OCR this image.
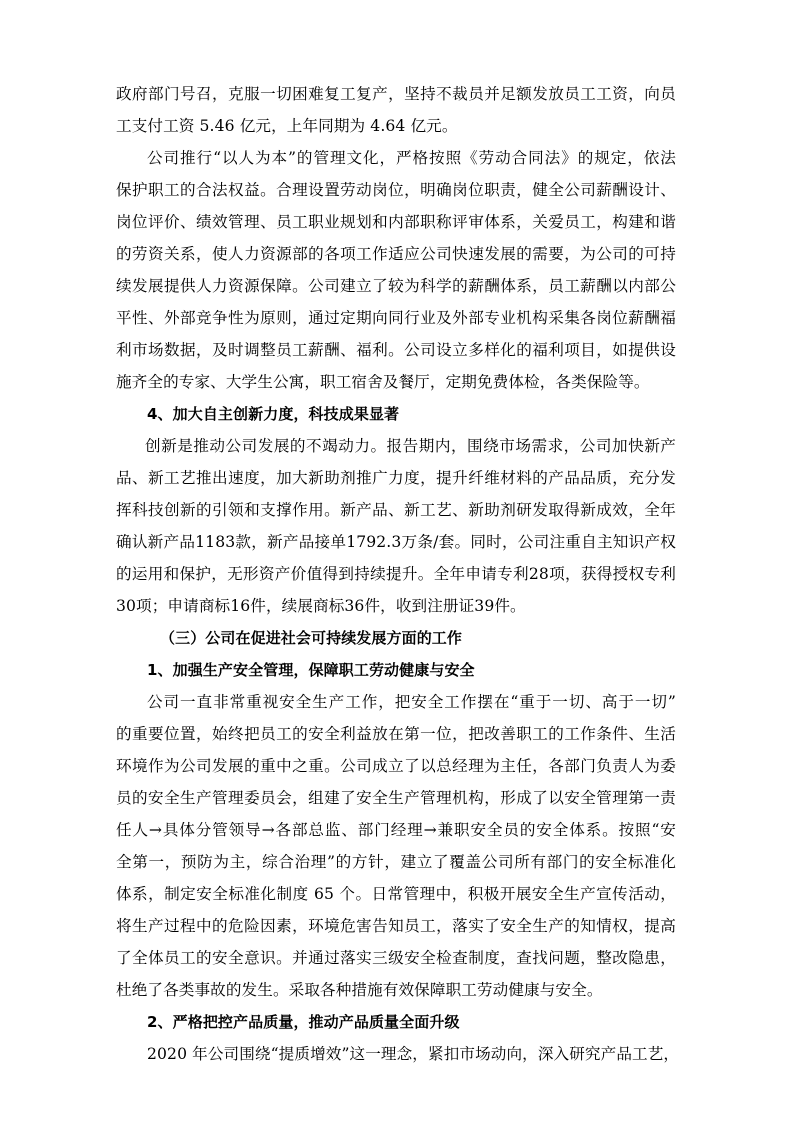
政府部门号召，克服一切困难复工复产，坚持不裁员并足额发放员工工资，向员
工支付工资 5.46 亿元，上年同期为 4.64 亿元。
公司推行“以人为本”的管理文化，严格按照《劳动合同法》的规定，依法
保护职工的合法权益。合理设置劳动岗位，明确岗位职责，健全公司薪酬设计、
岗位评价、绩效管理、员工职业规划和内部职称评审体系，关爱员工，构建和谐
的劳资关系，使人力资源部的各项工作适应公司快速发展的需要，为公司的可持
续发展提供人力资源保障。公司建立了较为科学的薪酬体系，员工薪酬以内部公
平性、外部竞争性为原则，通过定期向同行业及外部专业机构采集各岗位薪酬福
利市场数据，及时调整员工薪酬、福利。公司设立多样化的福利项目，如提供设
施齐全的专家、大学生公寓，职工宿舍及餐厅，定期免费体检，各类保险等。
4、加大自主创新力度，科技成果显著
创新是推动公司发展的不竭动力。报告期内，围绕市场需求，公司加快新产
品、新工艺推出速度，加大新助剂推广力度，提升纤维材料的产品品质，充分发
挥科技创新的引领和支撑作用。新产品、新工艺、新助剂研发取得新成效，全年
确认新产品1183款，新产品接单1792.3万条/套。同时，公司注重自主知识产权
的运用和保护，无形资产价值得到持续提升。全年申请专利28项，获得授权专利
30项；申请商标16件，续展商标36件，收到注册证39件。
（三）公司在促进社会可持续发展方面的工作
1、加强生产安全管理，保障职工劳动健康与安全
公司一直非常重视安全生产工作，把安全工作摆在“重于一切、高于一切”
的重要位置，始终把员工的安全利益放在第一位，把改善职工的工作条件、生活
环境作为公司发展的重中之重。公司成立了以总经理为主任，各部门负责人为委
员的安全生产管理委员会，组建了安全生产管理机构，形成了以安全管理第一责
任人→具体分管领导→各部总监、部门经理→兼职安全员的安全体系。按照“安
全第一，预防为主，综合治理”的方针，建立了覆盖公司所有部门的安全标准化
体系，制定安全标准化制度 65 个。日常管理中，积极开展安全生产宣传活动，
将生产过程中的危险因素，环境危害告知员工，落实了安全生产的知情权，提高
了全体员工的安全意识。并通过落实三级安全检查制度，查找问题，整改隐患，
杜绝了各类事故的发生。采取各种措施有效保障职工劳动健康与安全。
2、严格把控产品质量，推动产品质量全面升级
2020 年公司围绕“提质增效”这一理念，紧扣市场动向，深入研究产品工艺，
